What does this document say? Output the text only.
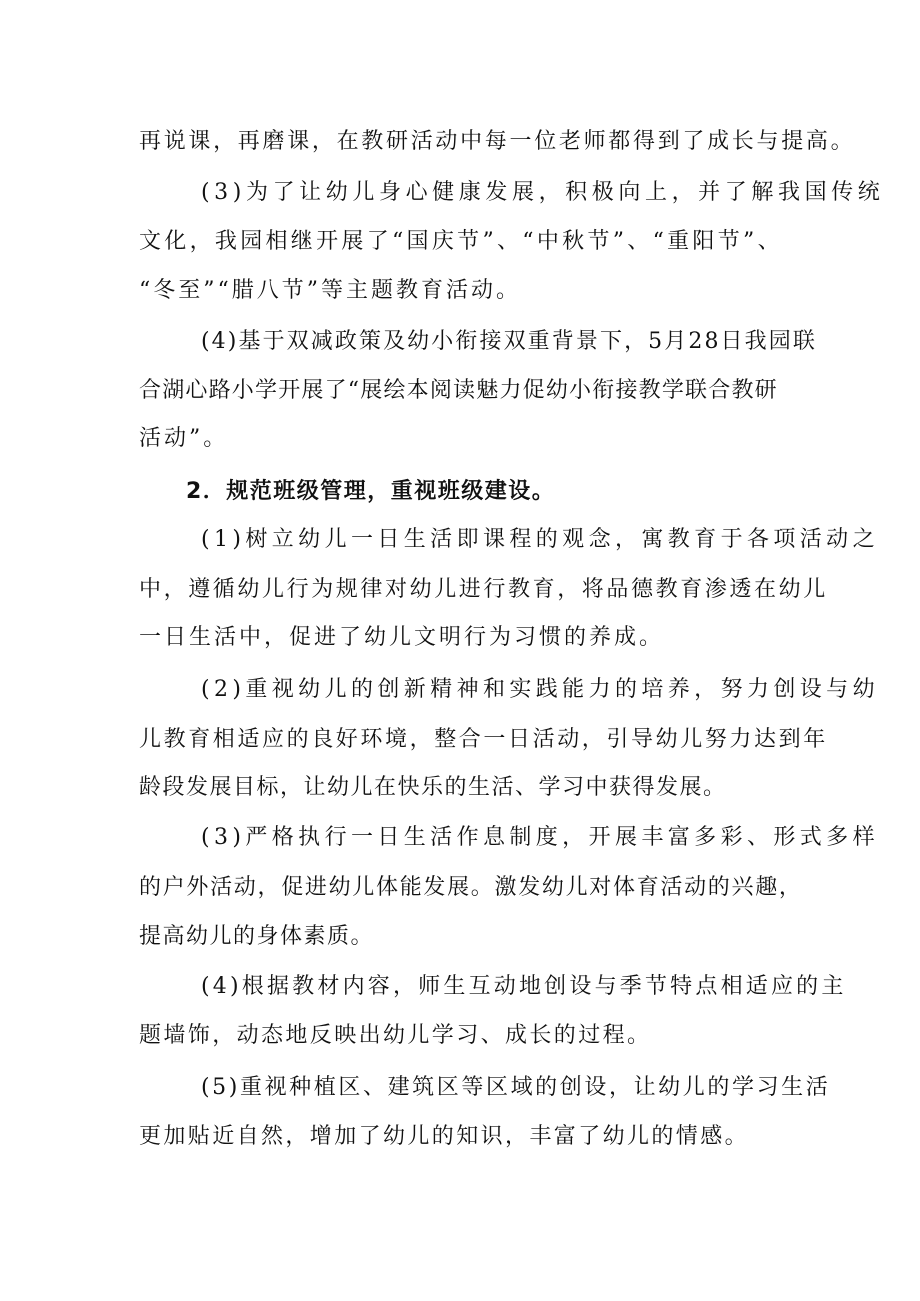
再说课，再磨课，在教研活动中每一位老师都得到了成长与提高。
(3)为了让幼儿身心健康发展，积极向上，并了解我国传统
文化，我园相继开展了“国庆节”、“中秋节”、“重阳节”、
“冬至”“腊八节”等主题教育活动。
(4)基于双减政策及幼小衔接双重背景下，5月28日我园联
合湖心路小学开展了“展绘本阅读魅力促幼小衔接教学联合教研
活动”。
2．规范班级管理，重视班级建设。
(1)树立幼儿一日生活即课程的观念，寓教育于各项活动之
中，遵循幼儿行为规律对幼儿进行教育，将品德教育渗透在幼儿
一日生活中，促进了幼儿文明行为习惯的养成。
(2)重视幼儿的创新精神和实践能力的培养，努力创设与幼
儿教育相适应的良好环境，整合一日活动，引导幼儿努力达到年
龄段发展目标，让幼儿在快乐的生活、学习中获得发展。
(3)严格执行一日生活作息制度，开展丰富多彩、形式多样
的户外活动，促进幼儿体能发展。激发幼儿对体育活动的兴趣，
提高幼儿的身体素质。
(4)根据教材内容，师生互动地创设与季节特点相适应的主
题墙饰，动态地反映出幼儿学习、成长的过程。
(5)重视种植区、建筑区等区域的创设，让幼儿的学习生活
更加贴近自然，增加了幼儿的知识，丰富了幼儿的情感。
